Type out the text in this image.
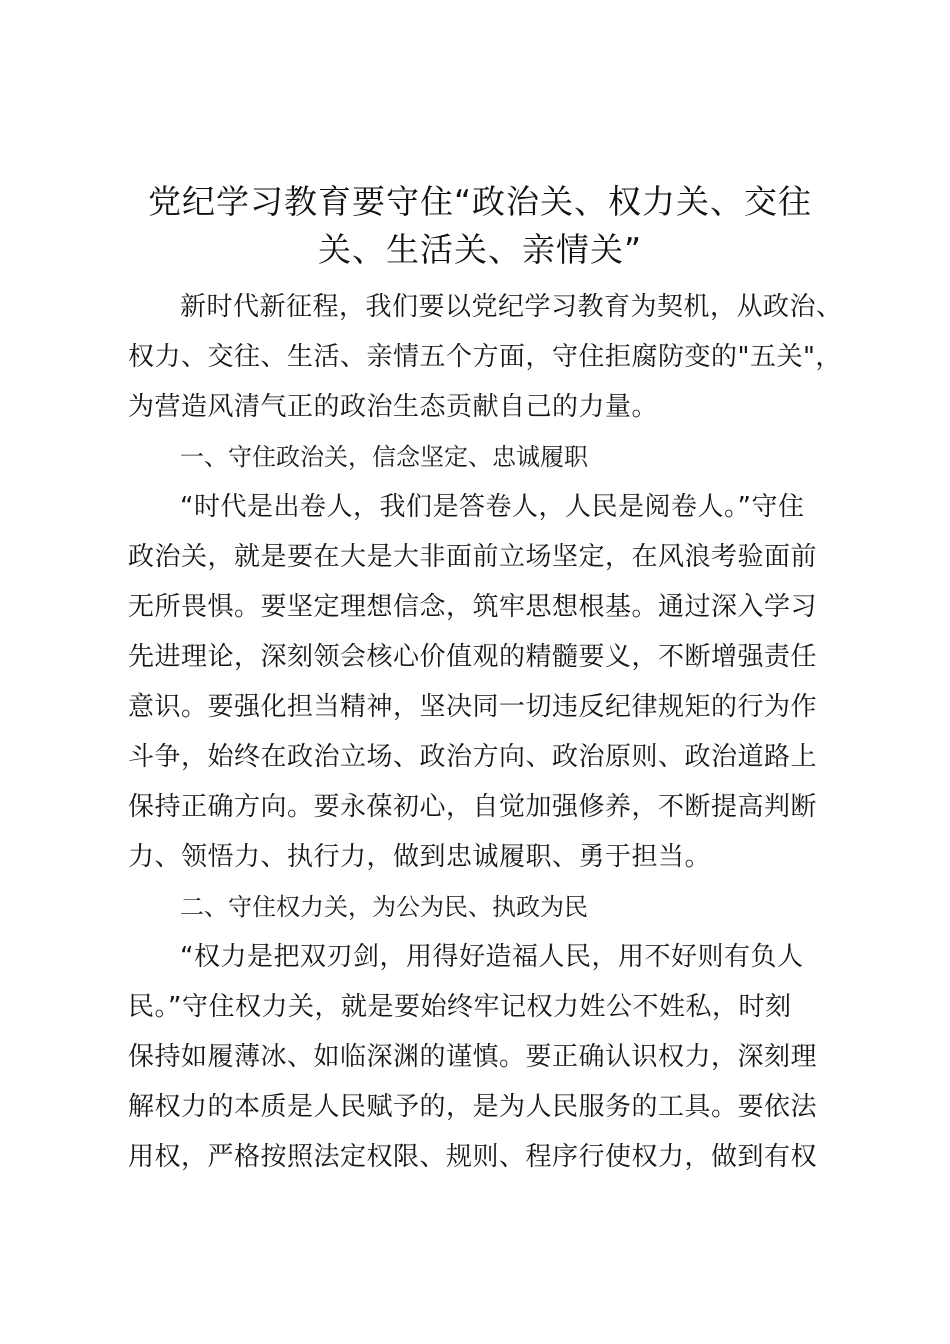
党纪学习教育要守住“政治关、权力关、交往
关、生活关、亲情关”
新时代新征程，我们要以党纪学习教育为契机，从政治、
权力、交往、生活、亲情五个方面，守住拒腐防变的"五关"，
为营造风清气正的政治生态贡献自己的力量。
一、守住政治关，信念坚定、忠诚履职
“时代是出卷人，我们是答卷人，人民是阅卷人。”守住
政治关，就是要在大是大非面前立场坚定，在风浪考验面前
无所畏惧。要坚定理想信念，筑牢思想根基。通过深入学习
先进理论，深刻领会核心价值观的精髓要义，不断增强责任
意识。要强化担当精神，坚决同一切违反纪律规矩的行为作
斗争，始终在政治立场、政治方向、政治原则、政治道路上
保持正确方向。要永葆初心，自觉加强修养，不断提高判断
力、领悟力、执行力，做到忠诚履职、勇于担当。
二、守住权力关，为公为民、执政为民
“权力是把双刃剑，用得好造福人民，用不好则有负人
民。”守住权力关，就是要始终牢记权力姓公不姓私，时刻
保持如履薄冰、如临深渊的谨慎。要正确认识权力，深刻理
解权力的本质是人民赋予的，是为人民服务的工具。要依法
用权，严格按照法定权限、规则、程序行使权力，做到有权
